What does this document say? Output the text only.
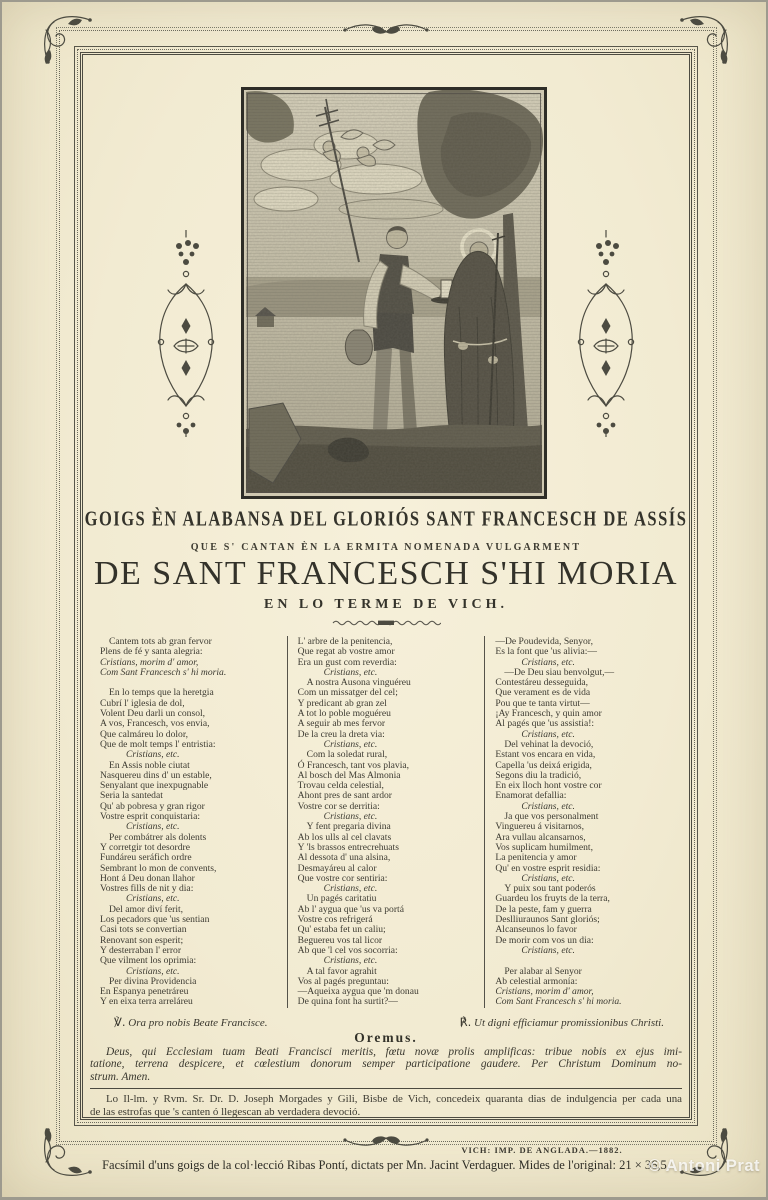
GOIGS ÈN ALABANSA DEL GLORIÓS SANT FRANCESCH DE ASSÍS
QUE S' CANTAN ÈN LA ERMITA NOMENADA VULGARMENT
DE SANT FRANCESCH S'HI MORIA
EN LO TERME DE VICH.
Cantem tots ab gran fervor
Plens de fé y santa alegria:
Cristians, morim d' amor,
Com Sant Francesch s' hi moria.

En lo temps que la heretgia
Cubrí l' iglesia de dol,
Volent Deu darli un consol,
A vos, Francesch, vos envia,
Que calmáreu lo dolor,
Que de molt temps l' entristia:
Cristians, etc.
En Assis noble ciutat
Nasquereu dins d' un estable,
Senyalant que inexpugnable
Seria la santedat
Qu' ab pobresa y gran rigor
Vostre esprit conquistaria:
Cristians, etc.
Per combátrer als dolents
Y corretgir tot desordre
Fundáreu seráfich ordre
Sembrant lo mon de convents,
Hont á Deu donan llahor
Vostres fills de nit y dia:
Cristians, etc.
Del amor diví ferit,
Los pecadors que 'us sentian
Casi tots se convertian
Renovant son esperit;
Y desterraban l' error
Que vilment los oprimia:
Cristians, etc.
Per divina Providencia
En Espanya penetráreu
Y en eixa terra arreláreu
L' arbre de la penitencia,
Que regat ab vostre amor
Era un gust com reverdia:
Cristians, etc.
A nostra Ausona vinguéreu
Com un missatger del cel;
Y predicant ab gran zel
A tot lo poble moguéreu
A seguir ab mes fervor
De la creu la dreta via:
Cristians, etc.
Com la soledat rural,
Ó Francesch, tant vos plavia,
Al bosch del Mas Almonia
Trovau celda celestial,
Ahont pres de sant ardor
Vostre cor se derritia:
Cristians, etc.
Y fent pregaria divina
Ab los ulls al cel clavats
Y 'ls brassos entrecrehuats
Al dessota d' una alsina,
Desmayáreu al calor
Que vostre cor sentiria:
Cristians, etc.
Un pagés caritatiu
Ab l' aygua que 'us va portá
Vostre cos refrigerá
Qu' estaba fet un caliu;
Beguereu vos tal licor
Ab que 'l cel vos socorria:
Cristians, etc.
A tal favor agrahit
Vos al pagés preguntau:
—Aqueixa aygua que 'm donau
De quina font ha surtit?—
—De Poudevida, Senyor,
Es la font que 'us alivia:—
Cristians, etc.
—De Deu siau benvolgut,—
Contestáreu desseguida,
Que verament es de vida
Pou que te tanta virtut—
¡Ay Francesch, y quin amor
Al pagés que 'us assistia!:
Cristians, etc.
Del vehinat la devoció,
Estant vos encara en vida,
Capella 'us deixá erigida,
Segons diu la tradició,
En eix lloch hont vostre cor
Enamorat defallia:
Cristians, etc.
Ja que vos personalment
Vinguereu á visitarnos,
Ara vullau alcansarnos,
Vos suplicam humilment,
La penitencia y amor
Qu' en vostre esprit residia:
Cristians, etc.
Y puix sou tant poderós
Guardeu los fruyts de la terra,
De la peste, fam y guerra
Deslliuraunos Sant gloriós;
Alcanseunos lo favor
De morir com vos un dia:
Cristians, etc.

Per alabar al Senyor
Ab celestial armonía:
Cristians, morim d' amor,
Com Sant Francesch s' hi moria.
℣. Ora pro nobis Beate Francisce.	℟. Ut digni efficiamur promissionibus Christi.
Oremus.
Deus, qui Ecclesiam tuam Beati Francisci meritis, fœtu novæ prolis amplificas: tribue nobis ex ejus imi-
tatione, terrena despicere, et cœlestium donorum semper participatione gaudere. Per Christum Dominum no-
strum. Amen.
Lo Il-lm. y Rvm. Sr. Dr. D. Joseph Morgades y Gili, Bisbe de Vich, concedeix quaranta dias de indulgencia per cada una
de las estrofas que 's canten ó llegescan ab verdadera devoció.
VICH: IMP. DE ANGLADA.—1882.
Facsímil d'uns goigs de la col·lecció Ribas Pontí, dictats per Mn. Jacint Verdaguer. Mides de l'original: 21 × 36,5.
© Antoni Prat
